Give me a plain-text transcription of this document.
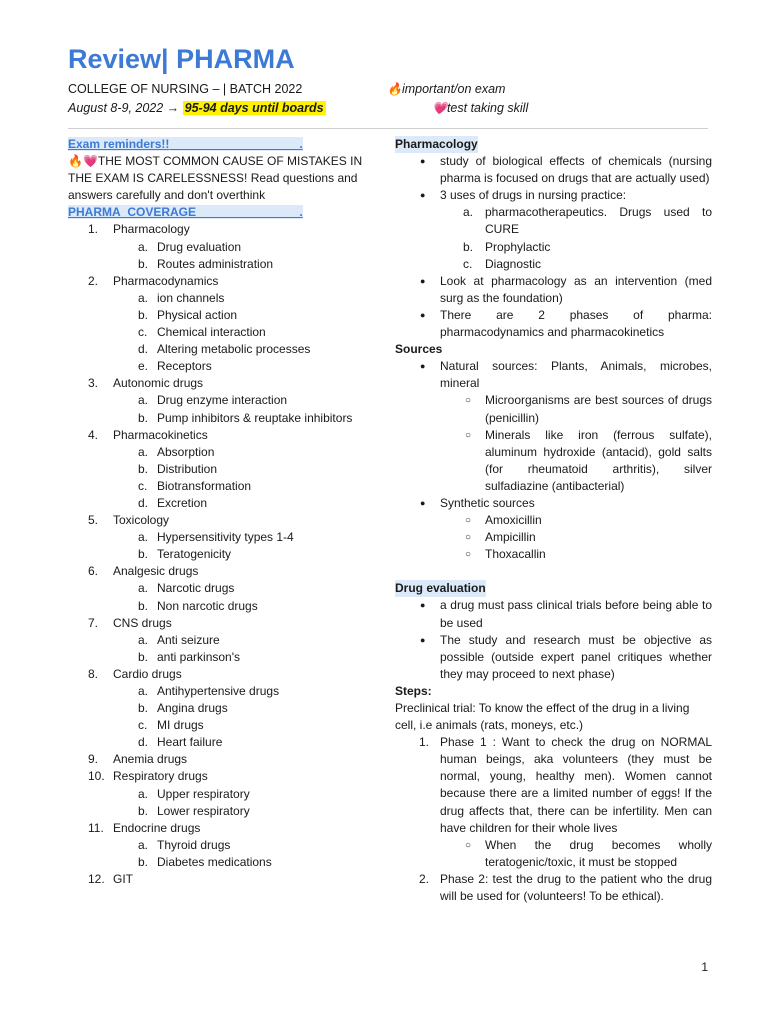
Review| PHARMA
COLLEGE OF NURSING – | BATCH 2022
August 8-9, 2022 → 95-94 days until boards
🔥important/on exam
💗test taking skill
Exam reminders!!                                       .

🔥💗THE MOST COMMON CAUSE OF MISTAKES IN THE EXAM IS CARELESSNESS! Read questions and answers carefully and don't overthink

PHARMA_COVERAGE                               .
1.	Pharmacology
a. Drug evaluation
b. Routes administration
2.	Pharmacodynamics
a. ion channels
b. Physical action
c. Chemical interaction
d. Altering metabolic processes
e. Receptors
3.	Autonomic drugs
a. Drug enzyme interaction
b. Pump inhibitors & reuptake inhibitors
4.	Pharmacokinetics
a. Absorption
b. Distribution
c. Biotransformation
d. Excretion
5.	Toxicology
a. Hypersensitivity types 1-4
b. Teratogenicity
6.	Analgesic drugs
a. Narcotic drugs
b. Non narcotic drugs
7.	CNS drugs
a. Anti seizure
b. anti parkinson's
8.	Cardio drugs
a. Antihypertensive drugs
b. Angina drugs
c. MI drugs
d. Heart failure
9.	Anemia drugs
10. Respiratory drugs
a. Upper respiratory
b. Lower respiratory
11. Endocrine drugs
a. Thyroid drugs
b. Diabetes medications
12. GIT
Pharmacology
● study of biological effects of chemicals (nursing pharma is focused on drugs that are actually used)
● 3 uses of drugs in nursing practice:
a. pharmacotherapeutics. Drugs used to CURE
b. Prophylactic
c. Diagnostic
● Look at pharmacology as an intervention (med surg as the foundation)
● There are 2 phases of pharma: pharmacodynamics and pharmacokinetics
Sources
● Natural sources: Plants, Animals, microbes, mineral
○ Microorganisms are best sources of drugs (penicillin)
○ Minerals like iron (ferrous sulfate), aluminum hydroxide (antacid), gold salts (for rheumatoid arthritis), silver sulfadiazine (antibacterial)
● Synthetic sources
○ Amoxicillin
○ Ampicillin
○ Thoxacallin
Drug evaluation
● a drug must pass clinical trials before being able to be used
● The study and research must be objective as possible (outside expert panel critiques whether they may proceed to next phase)
Steps:

Preclinical trial: To know the effect of the drug in a living cell, i.e animals (rats, moneys, etc.)

1. Phase 1 : Want to check the drug on NORMAL human beings, aka volunteers (they must be normal, young, healthy men). Women cannot because there are a limited number of eggs! If the drug affects that, there can be infertility. Men can have children for their whole lives
○ When the drug becomes wholly teratogenic/toxic, it must be stopped
2. Phase 2: test the drug to the patient who the drug will be used for (volunteers! To be ethical).
1
